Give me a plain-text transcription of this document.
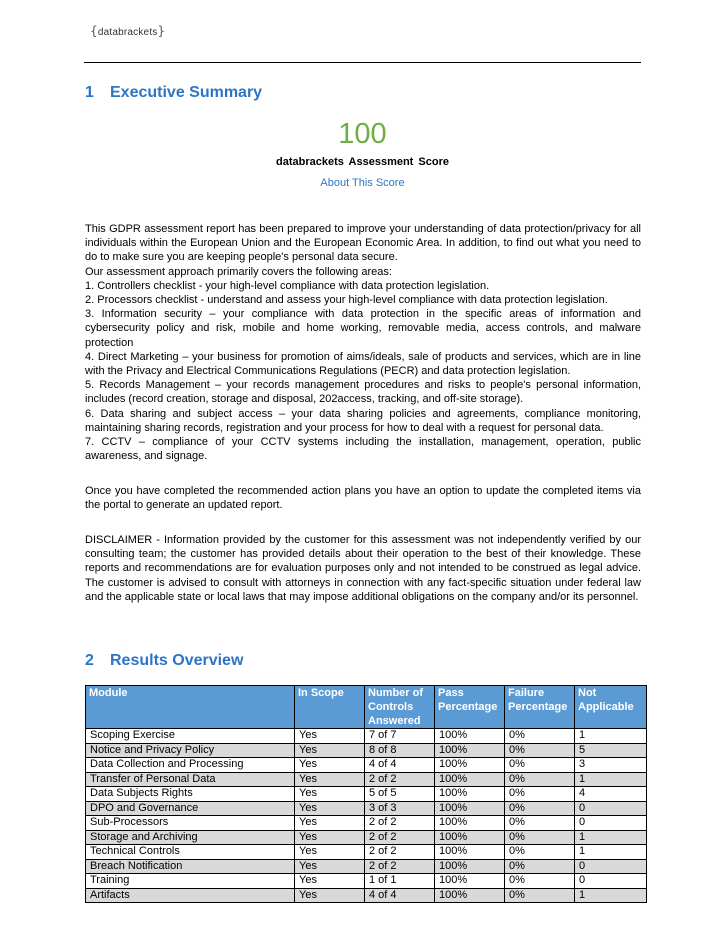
{databrackets}
1 Executive Summary
100
databrackets Assessment Score
About This Score

This GDPR assessment report has been prepared to improve your understanding of data protection/privacy for all individuals within the European Union and the European Economic Area. In addition, to find out what you need to do to make sure you are keeping people's personal data secure.

Our assessment approach primarily covers the following areas:

1. Controllers checklist - your high-level compliance with data protection legislation.

2. Processors checklist - understand and assess your high-level compliance with data protection legislation.

3. Information security – your compliance with data protection in the specific areas of information and cybersecurity policy and risk, mobile and home working, removable media, access controls, and malware protection

4. Direct Marketing – your business for promotion of aims/ideals, sale of products and services, which are in line with the Privacy and Electrical Communications Regulations (PECR) and data protection legislation.

5. Records Management – your records management procedures and risks to people's personal information, includes (record creation, storage and disposal, 202access, tracking, and off-site storage).

6. Data sharing and subject access – your data sharing policies and agreements, compliance monitoring, maintaining sharing records, registration and your process for how to deal with a request for personal data.

7. CCTV – compliance of your CCTV systems including the installation, management, operation, public awareness, and signage.

Once you have completed the recommended action plans you have an option to update the completed items via the portal to generate an updated report.
DISCLAIMER - Information provided by the customer for this assessment was not independently verified by our consulting team; the customer has provided details about their operation to the best of their knowledge. These reports and recommendations are for evaluation purposes only and not intended to be construed as legal advice. The customer is advised to consult with attorneys in connection with any fact-specific situation under federal law and the applicable state or local laws that may impose additional obligations on the company and/or its personnel.
2 Results Overview
Module	In Scope	Number of Controls Answered	Pass Percentage	Failure Percentage	Not Applicable
Scoping Exercise	Yes	7 of 7	100%	0%	1
Notice and Privacy Policy	Yes	8 of 8	100%	0%	5
Data Collection and Processing	Yes	4 of 4	100%	0%	3
Transfer of Personal Data	Yes	2 of 2	100%	0%	1
Data Subjects Rights	Yes	5 of 5	100%	0%	4
DPO and Governance	Yes	3 of 3	100%	0%	0
Sub-Processors	Yes	2 of 2	100%	0%	0
Storage and Archiving	Yes	2 of 2	100%	0%	1
Technical Controls	Yes	2 of 2	100%	0%	1
Breach Notification	Yes	2 of 2	100%	0%	0
Training	Yes	1 of 1	100%	0%	0
Artifacts	Yes	4 of 4	100%	0%	1
